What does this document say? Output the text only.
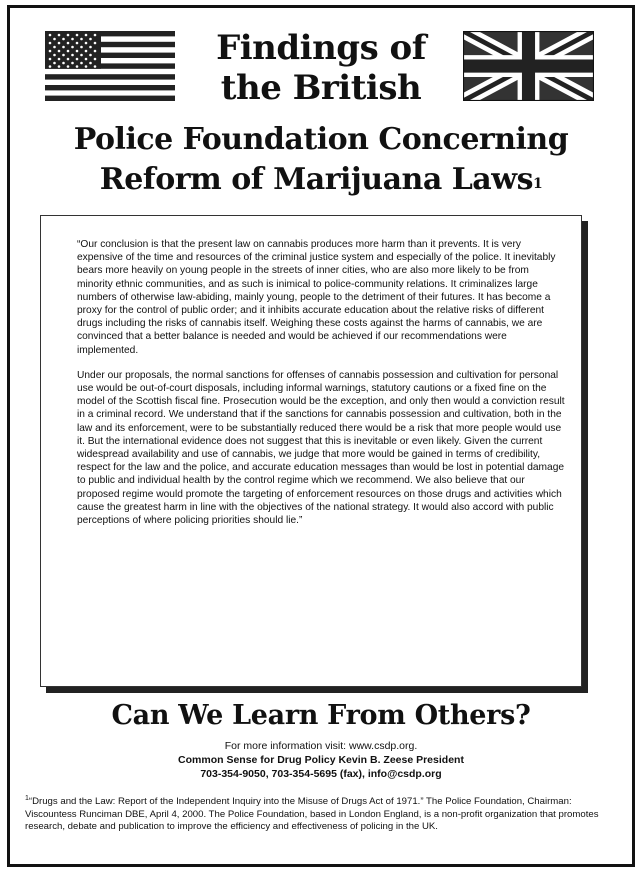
Findings of
the British
Police Foundation Concerning
Reform of Marijuana Laws$^1$

“Our conclusion is that the present law on cannabis produces more harm than it prevents. It is very expensive of the time and resources of the criminal justice system and especially of the police. It inevitably bears more heavily on young people in the streets of inner cities, who are also more likely to be from minority ethnic communities, and as such is inimical to police-community relations. It criminalizes large numbers of otherwise law-abiding, mainly young, people to the detriment of their futures. It has become a proxy for the control of public order; and it inhibits accurate education about the relative risks of different drugs including the risks of cannabis itself. Weighing these costs against the harms of cannabis, we are convinced that a better balance is needed and would be achieved if our recommendations were implemented.

Under our proposals, the normal sanctions for offenses of cannabis possession and cultivation for personal use would be out-of-court disposals, including informal warnings, statutory cautions or a fixed fine on the model of the Scottish fiscal fine. Prosecution would be the exception, and only then would a conviction result in a criminal record. We understand that if the sanctions for cannabis possession and cultivation, both in the law and its enforcement, were to be substantially reduced there would be a risk that more people would use it. But the international evidence does not suggest that this is inevitable or even likely. Given the current widespread availability and use of cannabis, we judge that more would be gained in terms of credibility, respect for the law and the police, and accurate education messages than would be lost in potential damage to public and individual health by the control regime which we recommend. We also believe that our proposed regime would promote the targeting of enforcement resources on those drugs and activities which cause the greatest harm in line with the objectives of the national strategy. It would also accord with public perceptions of where policing priorities should lie.”

Can We Learn From Others?
For more information visit: www.csdp.org.
Common Sense for Drug Policy Kevin B. Zeese President
703-354-9050, 703-354-5695 (fax), info@csdp.org
$^1$“Drugs and the Law: Report of the Independent Inquiry into the Misuse of Drugs Act of 1971.” The Police Foundation, Chairman: Viscountess Runciman DBE, April 4, 2000. The Police Foundation, based in London England, is a non-profit organization that promotes research, debate and publication to improve the efficiency and effectiveness of policing in the UK.
